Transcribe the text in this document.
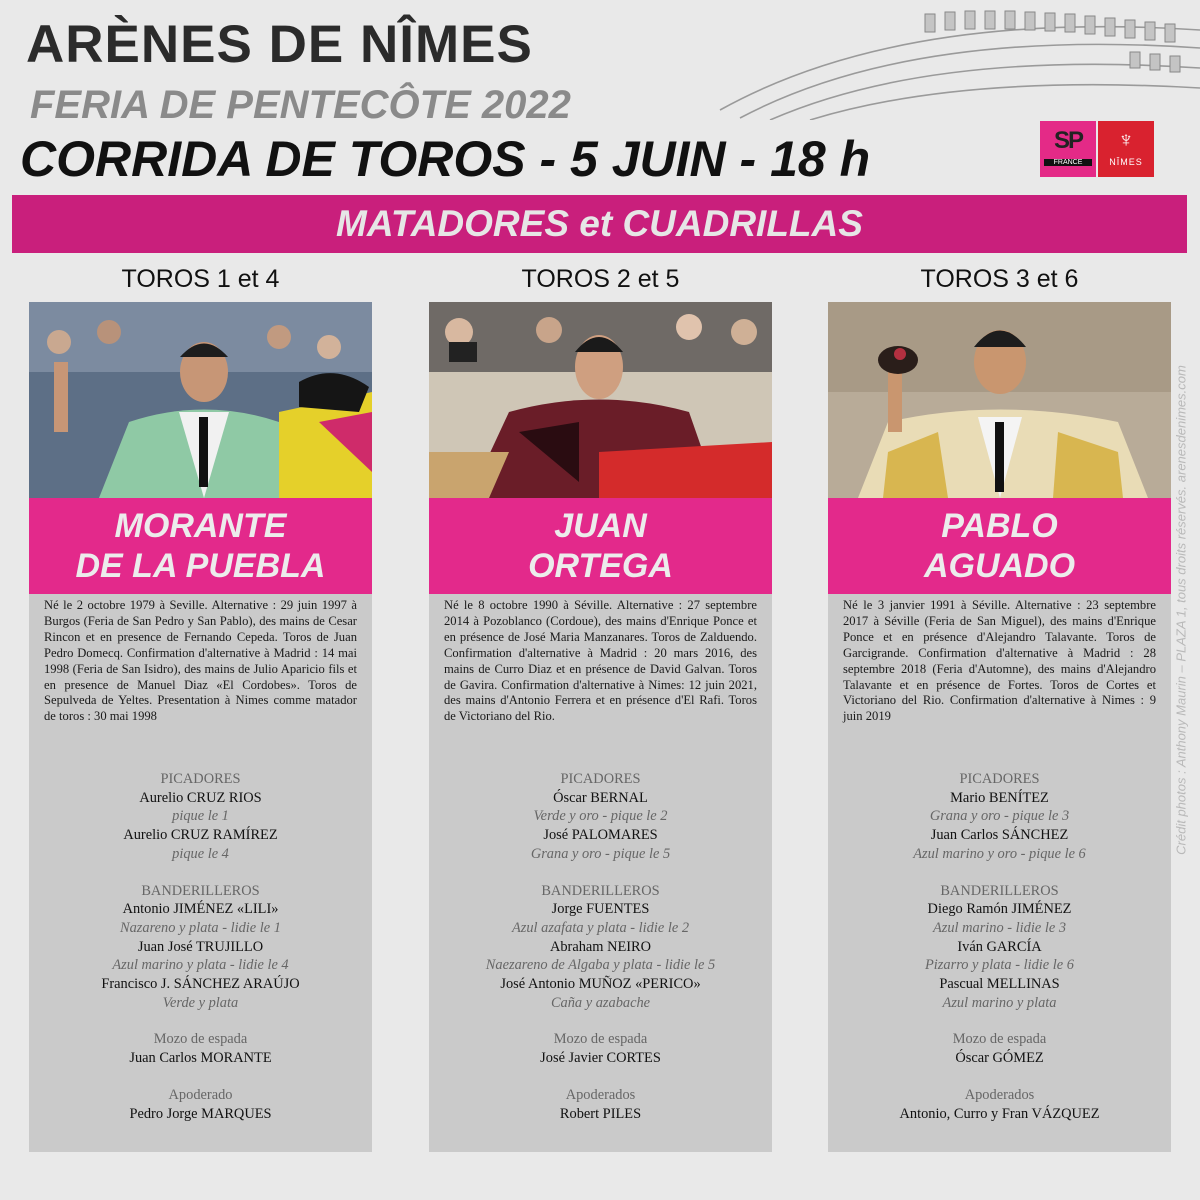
ARÈNES DE NÎMES
FERIA DE PENTECÔTE 2022
CORRIDA DE TOROS - 5 JUIN - 18 h	SP
FRANCE
♆
NÎMES
MATADORES et CUADRILLAS
TOROS 1 et 4
MORANTE
DE LA PUEBLA

Né le 2 octobre 1979 à Seville. Alternative : 29 juin 1997 à Burgos (Feria de San Pedro y San Pablo), des mains de Cesar Rincon et en presence de Fernando Cepeda. Toros de Juan Pedro Domecq. Confirmation d'alternative à Madrid : 14 mai 1998 (Feria de San Isidro), des mains de Julio Aparicio fils et en presence de Manuel Diaz «El Cordobes». Toros de Sepulveda de Yeltes. Presentation à Nimes comme matador de toros : 30 mai 1998

PICADORES
Aurelio CRUZ RIOS
pique le 1
Aurelio CRUZ RAMÍREZ
pique le 4
BANDERILLEROS
Antonio JIMÉNEZ «LILI»
Nazareno y plata - lidie le 1
Juan José TRUJILLO
Azul marino y plata - lidie le 4
Francisco J. SÁNCHEZ ARAÚJO
Verde y plata
Mozo de espada
Juan Carlos MORANTE
Apoderado
Pedro Jorge MARQUES
TOROS 2 et 5
JUAN
ORTEGA

Né le 8 octobre 1990 à Séville. Alternative : 27 septembre 2014 à Pozoblanco (Cordoue), des mains d'Enrique Ponce et en présence de José Maria Manzanares. Toros de Zalduendo. Confirmation d'alternative à Madrid : 20 mars 2016, des mains de Curro Diaz et en présence de David Galvan. Toros de Gavira. Confirmation d'alternative à Nimes: 12 juin 2021, des mains d'Antonio Ferrera et en présence d'El Rafi. Toros de Victoriano del Rio.

PICADORES
Óscar BERNAL
Verde y oro - pique le 2
José PALOMARES
Grana y oro - pique le 5
BANDERILLEROS
Jorge FUENTES
Azul azafata y plata - lidie le 2
Abraham NEIRO
Naezareno de Algaba y plata - lidie le 5
José Antonio MUÑOZ «PERICO»
Caña y azabache
Mozo de espada
José Javier CORTES
Apoderados
Robert PILES
TOROS 3 et 6
PABLO
AGUADO

Né le 3 janvier 1991 à Séville. Alternative : 23 septembre 2017 à Séville (Feria de San Miguel), des mains d'Enrique Ponce et en présence d'Alejandro Talavante. Toros de Garcigrande. Confirmation d'alternative à Madrid : 28 septembre 2018 (Feria d'Automne), des mains d'Alejandro Talavante et en présence de Fortes. Toros de Cortes et Victoriano del Rio. Confirmation d'alternative à Nimes : 9 juin 2019

PICADORES
Mario BENÍTEZ
Grana y oro - pique le 3
Juan Carlos SÁNCHEZ
Azul marino y oro - pique le 6
BANDERILLEROS
Diego Ramón JIMÉNEZ
Azul marino - lidie le 3
Iván GARCÍA
Pizarro y plata - lidie le 6
Pascual MELLINAS
Azul marino y plata
Mozo de espada
Óscar GÓMEZ
Apoderados
Antonio, Curro y Fran VÁZQUEZ
Crédit photos : Anthony Maurin – PLAZA 1, tous droits réservés. arenesdenimes.com
